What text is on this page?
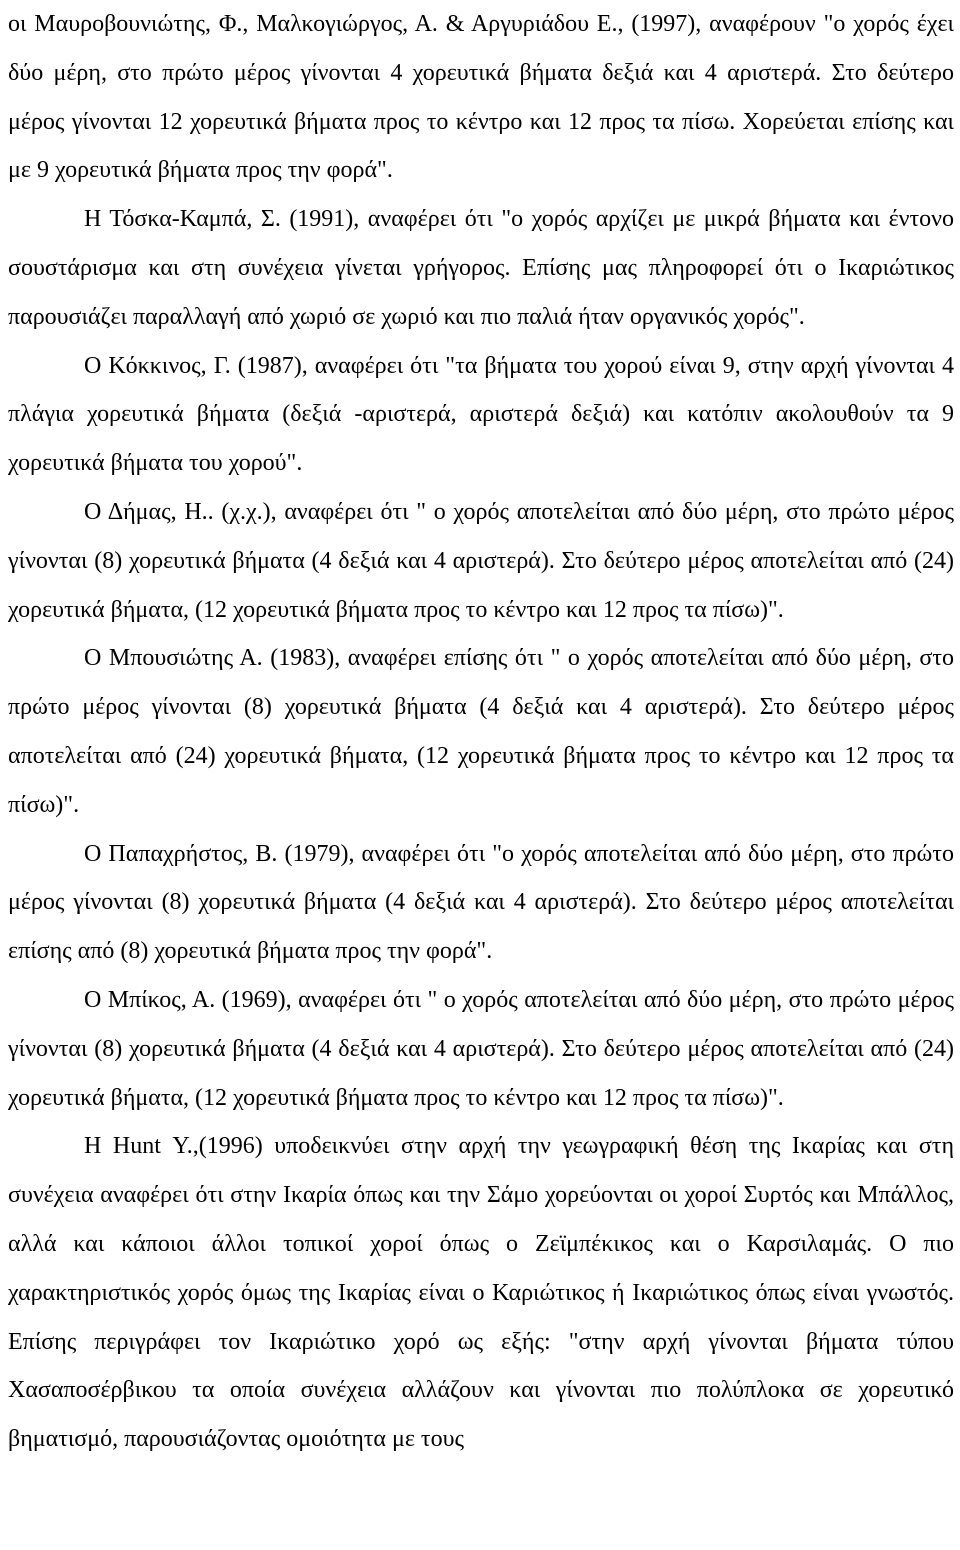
οι Μαυροβουνιώτης, Φ., Μαλκογιώργος, Α. & Αργυριάδου Ε., (1997), αναφέρουν "ο χορός έχει δύο μέρη, στο πρώτο μέρος γίνονται 4 χορευτικά βήματα δεξιά και 4 αριστερά. Στο δεύτερο μέρος γίνονται 12 χορευτικά βήματα προς το κέντρο και 12 προς τα πίσω. Χορεύεται επίσης και με 9 χορευτικά βήματα προς την φορά".

Η Τόσκα-Καμπά, Σ. (1991), αναφέρει ότι "ο χορός αρχίζει με μικρά βήματα και έντονο σουστάρισμα και στη συνέχεια γίνεται γρήγορος. Επίσης μας πληροφορεί ότι ο Ικαριώτικος παρουσιάζει παραλλαγή από χωριό σε χωριό και πιο παλιά ήταν οργανικός χορός".

Ο Κόκκινος, Γ. (1987), αναφέρει ότι "τα βήματα του χορού είναι 9, στην αρχή γίνονται 4 πλάγια χορευτικά βήματα (δεξιά -αριστερά, αριστερά δεξιά) και κατόπιν ακολουθούν τα 9 χορευτικά βήματα του χορού".

Ο Δήμας, Η.. (χ.χ.), αναφέρει ότι " ο χορός αποτελείται από δύο μέρη, στο πρώτο μέρος γίνονται (8) χορευτικά βήματα (4 δεξιά και 4 αριστερά). Στο δεύτερο μέρος αποτελείται από (24) χορευτικά βήματα, (12 χορευτικά βήματα προς το κέντρο και 12 προς τα πίσω)".

Ο Μπουσιώτης Α. (1983), αναφέρει επίσης ότι " ο χορός αποτελείται από δύο μέρη, στο πρώτο μέρος γίνονται (8) χορευτικά βήματα (4 δεξιά και 4 αριστερά). Στο δεύτερο μέρος αποτελείται από (24) χορευτικά βήματα, (12 χορευτικά βήματα προς το κέντρο και 12 προς τα πίσω)".

Ο Παπαχρήστος, Β. (1979), αναφέρει ότι "ο χορός αποτελείται από δύο μέρη, στο πρώτο μέρος γίνονται (8) χορευτικά βήματα (4 δεξιά και 4 αριστερά). Στο δεύτερο μέρος αποτελείται επίσης από (8) χορευτικά βήματα προς την φορά".

Ο Μπίκος, Α. (1969), αναφέρει ότι " ο χορός αποτελείται από δύο μέρη, στο πρώτο μέρος γίνονται (8) χορευτικά βήματα (4 δεξιά και 4 αριστερά). Στο δεύτερο μέρος αποτελείται από (24) χορευτικά βήματα, (12 χορευτικά βήματα προς το κέντρο και 12 προς τα πίσω)".

Η Hunt Υ.,(1996) υποδεικνύει στην αρχή την γεωγραφική θέση της Ικαρίας και στη συνέχεια αναφέρει ότι στην Ικαρία όπως και την Σάμο χορεύονται οι χοροί Συρτός και Μπάλλος, αλλά και κάποιοι άλλοι τοπικοί χοροί όπως ο Ζεϊμπέκικος και ο Καρσιλαμάς. Ο πιο χαρακτηριστικός χορός όμως της Ικαρίας είναι ο Καριώτικος ή Ικαριώτικος όπως είναι γνωστός. Επίσης περιγράφει τον Ικαριώτικο χορό ως εξής: "στην αρχή γίνονται βήματα τύπου Χασαποσέρβικου τα οποία συνέχεια αλλάζουν και γίνονται πιο πολύπλοκα σε χορευτικό βηματισμό, παρουσιάζοντας ομοιότητα με τους
